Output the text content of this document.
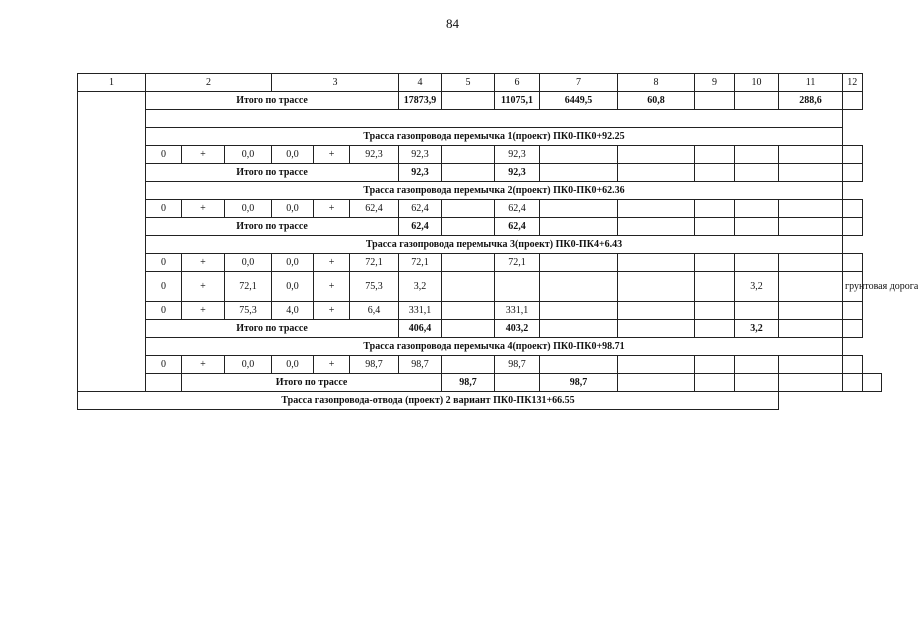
84
1	2			3			4	5	6	7	8	9	10	11	12	
	Итого по трассе						17873,9		11075,1	6449,5	60,8			288,6		

	Трасса газопровода перемычка 1(проект) ПК0-ПК0+92.25															
	0	+	0,0	0,0	+	92,3	92,3		92,3							
	Итого по трассе						92,3		92,3							
	Трасса газопровода перемычка 2(проект) ПК0-ПК0+62.36															
	0	+	0,0	0,0	+	62,4	62,4		62,4							
	Итого по трассе						62,4		62,4							
	Трасса газопровода перемычка 3(проект) ПК0-ПК4+6.43															
	0	+	0,0	0,0	+	72,1	72,1		72,1							
	0	+	72,1	0,0	+	75,3	3,2						3,2		грунтовая дорога	
	0	+	75,3	4,0	+	6,4	331,1		331,1							
	Итого по трассе						406,4		403,2				3,2			
	Трасса газопровода перемычка 4(проект) ПК0-ПК0+98.71															
	0	+	0,0	0,0	+	98,7	98,7		98,7							
		Итого по трассе						98,7		98,7						
Трасса газопровода-отвода (проект) 2 вариант ПК0-ПК131+66.55																
